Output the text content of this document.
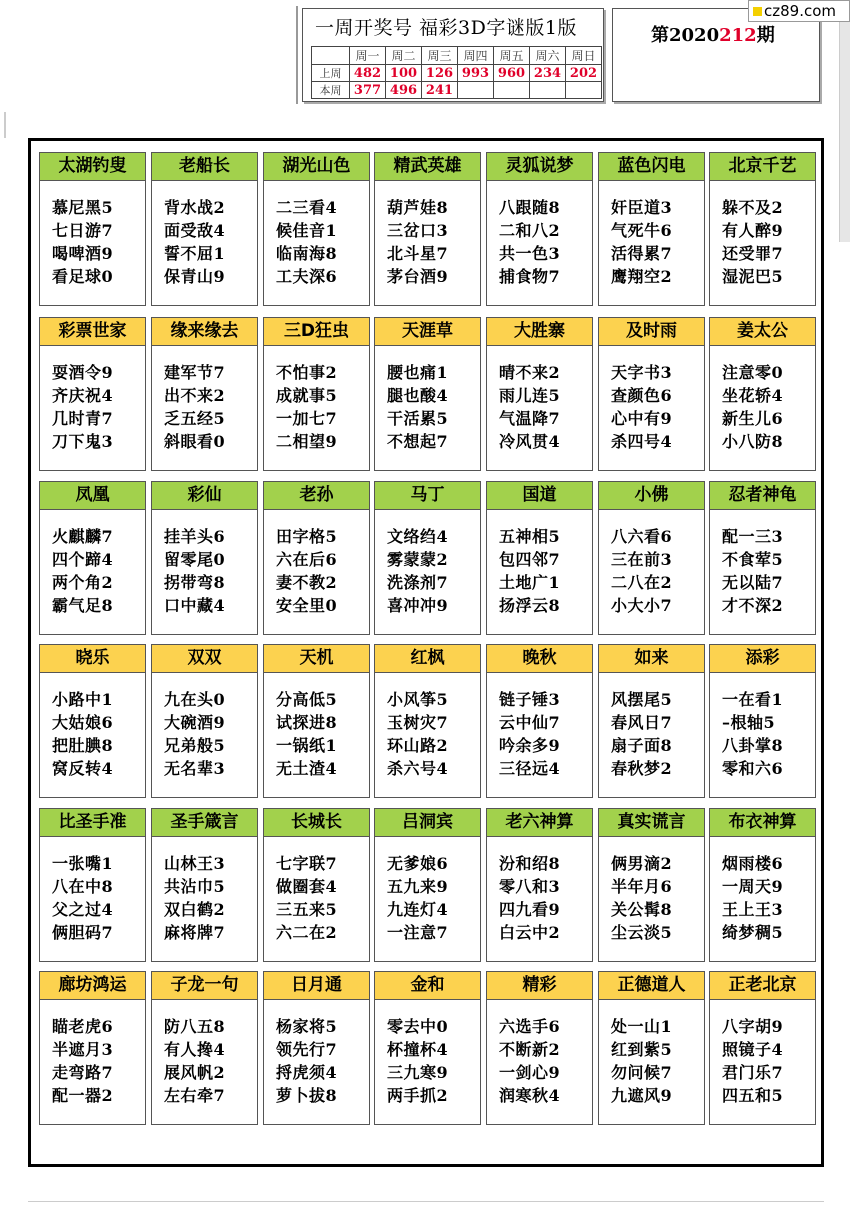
一周开奖号 福彩3D字谜版1版
	周一	周二	周三	周四	周五	周六	周日
上周	482	100	126	993	960	234	202
本周	377	496	241				
第2020212期
cz89.com
太湖钓叟
慕尼黑5
七日游7
喝啤酒9
看足球0
老船长
背水战2
面受敌4
誓不屈1
保青山9
湖光山色
二三看4
候佳音1
临南海8
工夫深6
精武英雄
葫芦娃8
三岔口3
北斗星7
茅台酒9
灵狐说梦
八跟随8
二和八2
共一色3
捕食物7
蓝色闪电
奸臣道3
气死牛6
活得累7
鹰翔空2
北京千艺
躲不及2
有人醉9
还受罪7
湿泥巴5
彩票世家
耍酒令9
齐庆祝4
几时青7
刀下鬼3
缘来缘去
建军节7
出不来2
乏五经5
斜眼看0
三D狂虫
不怕事2
成就事5
一加七7
二相望9
天涯草
腰也痛1
腿也酸4
干活累5
不想起7
大胜寨
晴不来2
雨儿连5
气温降7
冷风贯4
及时雨
天字书3
查颜色6
心中有9
杀四号4
姜太公
注意零0
坐花轿4
新生儿6
小八防8
凤凰
火麒麟7
四个蹄4
两个角2
霸气足8
彩仙
挂羊头6
留零尾0
拐带弯8
口中藏4
老孙
田字格5
六在后6
妻不教2
安全里0
马丁
文络绉4
雾蒙蒙2
洗涤剂7
喜冲冲9
国道
五神相5
包四邻7
土地广1
扬浮云8
小佛
八六看6
三在前3
二八在2
小大小7
忍者神龟
配一三3
不食荤5
无以陆7
才不深2
晓乐
小路中1
大姑娘6
把肚腆8
窝反转4
双双
九在头0
大碗酒9
兄弟般5
无名辈3
天机
分高低5
试探进8
一锅纸1
无土渣4
红枫
小风筝5
玉树灾7
环山路2
杀六号4
晚秋
链子锤3
云中仙7
吟余多9
三径远4
如来
风摆尾5
春风日7
扇子面8
春秋梦2
添彩
一在看1
–根轴5
八卦掌8
零和六6
比圣手准
一张嘴1
八在中8
父之过4
俩胆码7
圣手箴言
山林王3
共沾巾5
双白鹤2
麻将牌7
长城长
七字联7
做圈套4
三五来5
六二在2
吕洞宾
无爹娘6
五九来9
九连灯4
一注意7
老六神算
汾和绍8
零八和3
四九看9
白云中2
真实谎言
俩男滴2
半年月6
关公髯8
尘云淡5
布衣神算
烟雨楼6
一周天9
王上王3
绮梦稠5
廊坊鸿运
瞄老虎6
半遮月3
走弯路7
配一器2
子龙一句
防八五8
有人搀4
展风帆2
左右牵7
日月通
杨家将5
领先行7
捋虎须4
萝卜拔8
金和
零去中0
杯撞杯4
三九寒9
两手抓2
精彩
六选手6
不断新2
一剑心9
润寒秋4
正德道人
处一山1
红到紫5
勿问候7
九遮风9
正老北京
八字胡9
照镜子4
君门乐7
四五和5
